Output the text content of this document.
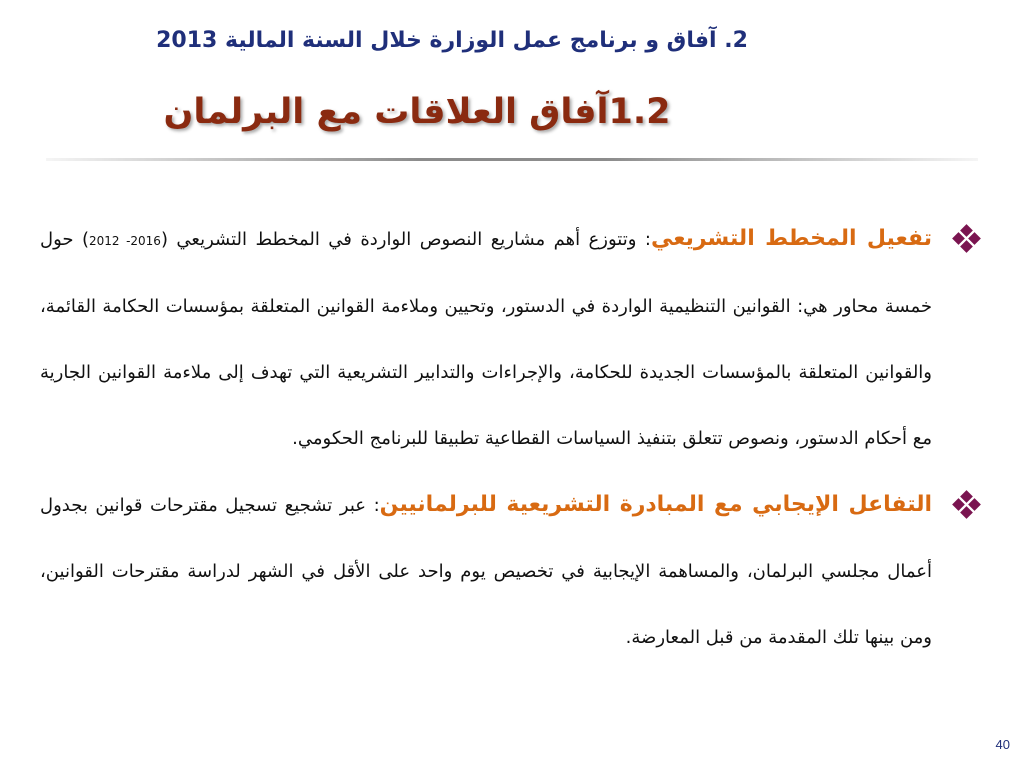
2. آفاق و برنامج عمل الوزارة خلال السنة المالية 2013
1.2آفاق العلاقات مع البرلمان
تفعيل المخطط التشريعي: وتتوزع أهم مشاريع النصوص الواردة في المخطط التشريعي (2016- 2012) حول خمسة محاور هي: القوانين التنظيمية الواردة في الدستور، وتحيين وملاءمة القوانين المتعلقة بمؤسسات الحكامة القائمة، والقوانين المتعلقة بالمؤسسات الجديدة للحكامة، والإجراءات والتدابير التشريعية التي تهدف إلى ملاءمة القوانين الجارية مع أحكام الدستور، ونصوص تتعلق بتنفيذ السياسات القطاعية تطبيقا للبرنامج الحكومي.
التفاعل الإيجابي مع المبادرة التشريعية للبرلمانيين: عبر تشجيع تسجيل مقترحات قوانين بجدول أعمال مجلسي البرلمان، والمساهمة الإيجابية في تخصيص يوم واحد على الأقل في الشهر لدراسة مقترحات القوانين، ومن بينها تلك المقدمة من قبل المعارضة.
40
